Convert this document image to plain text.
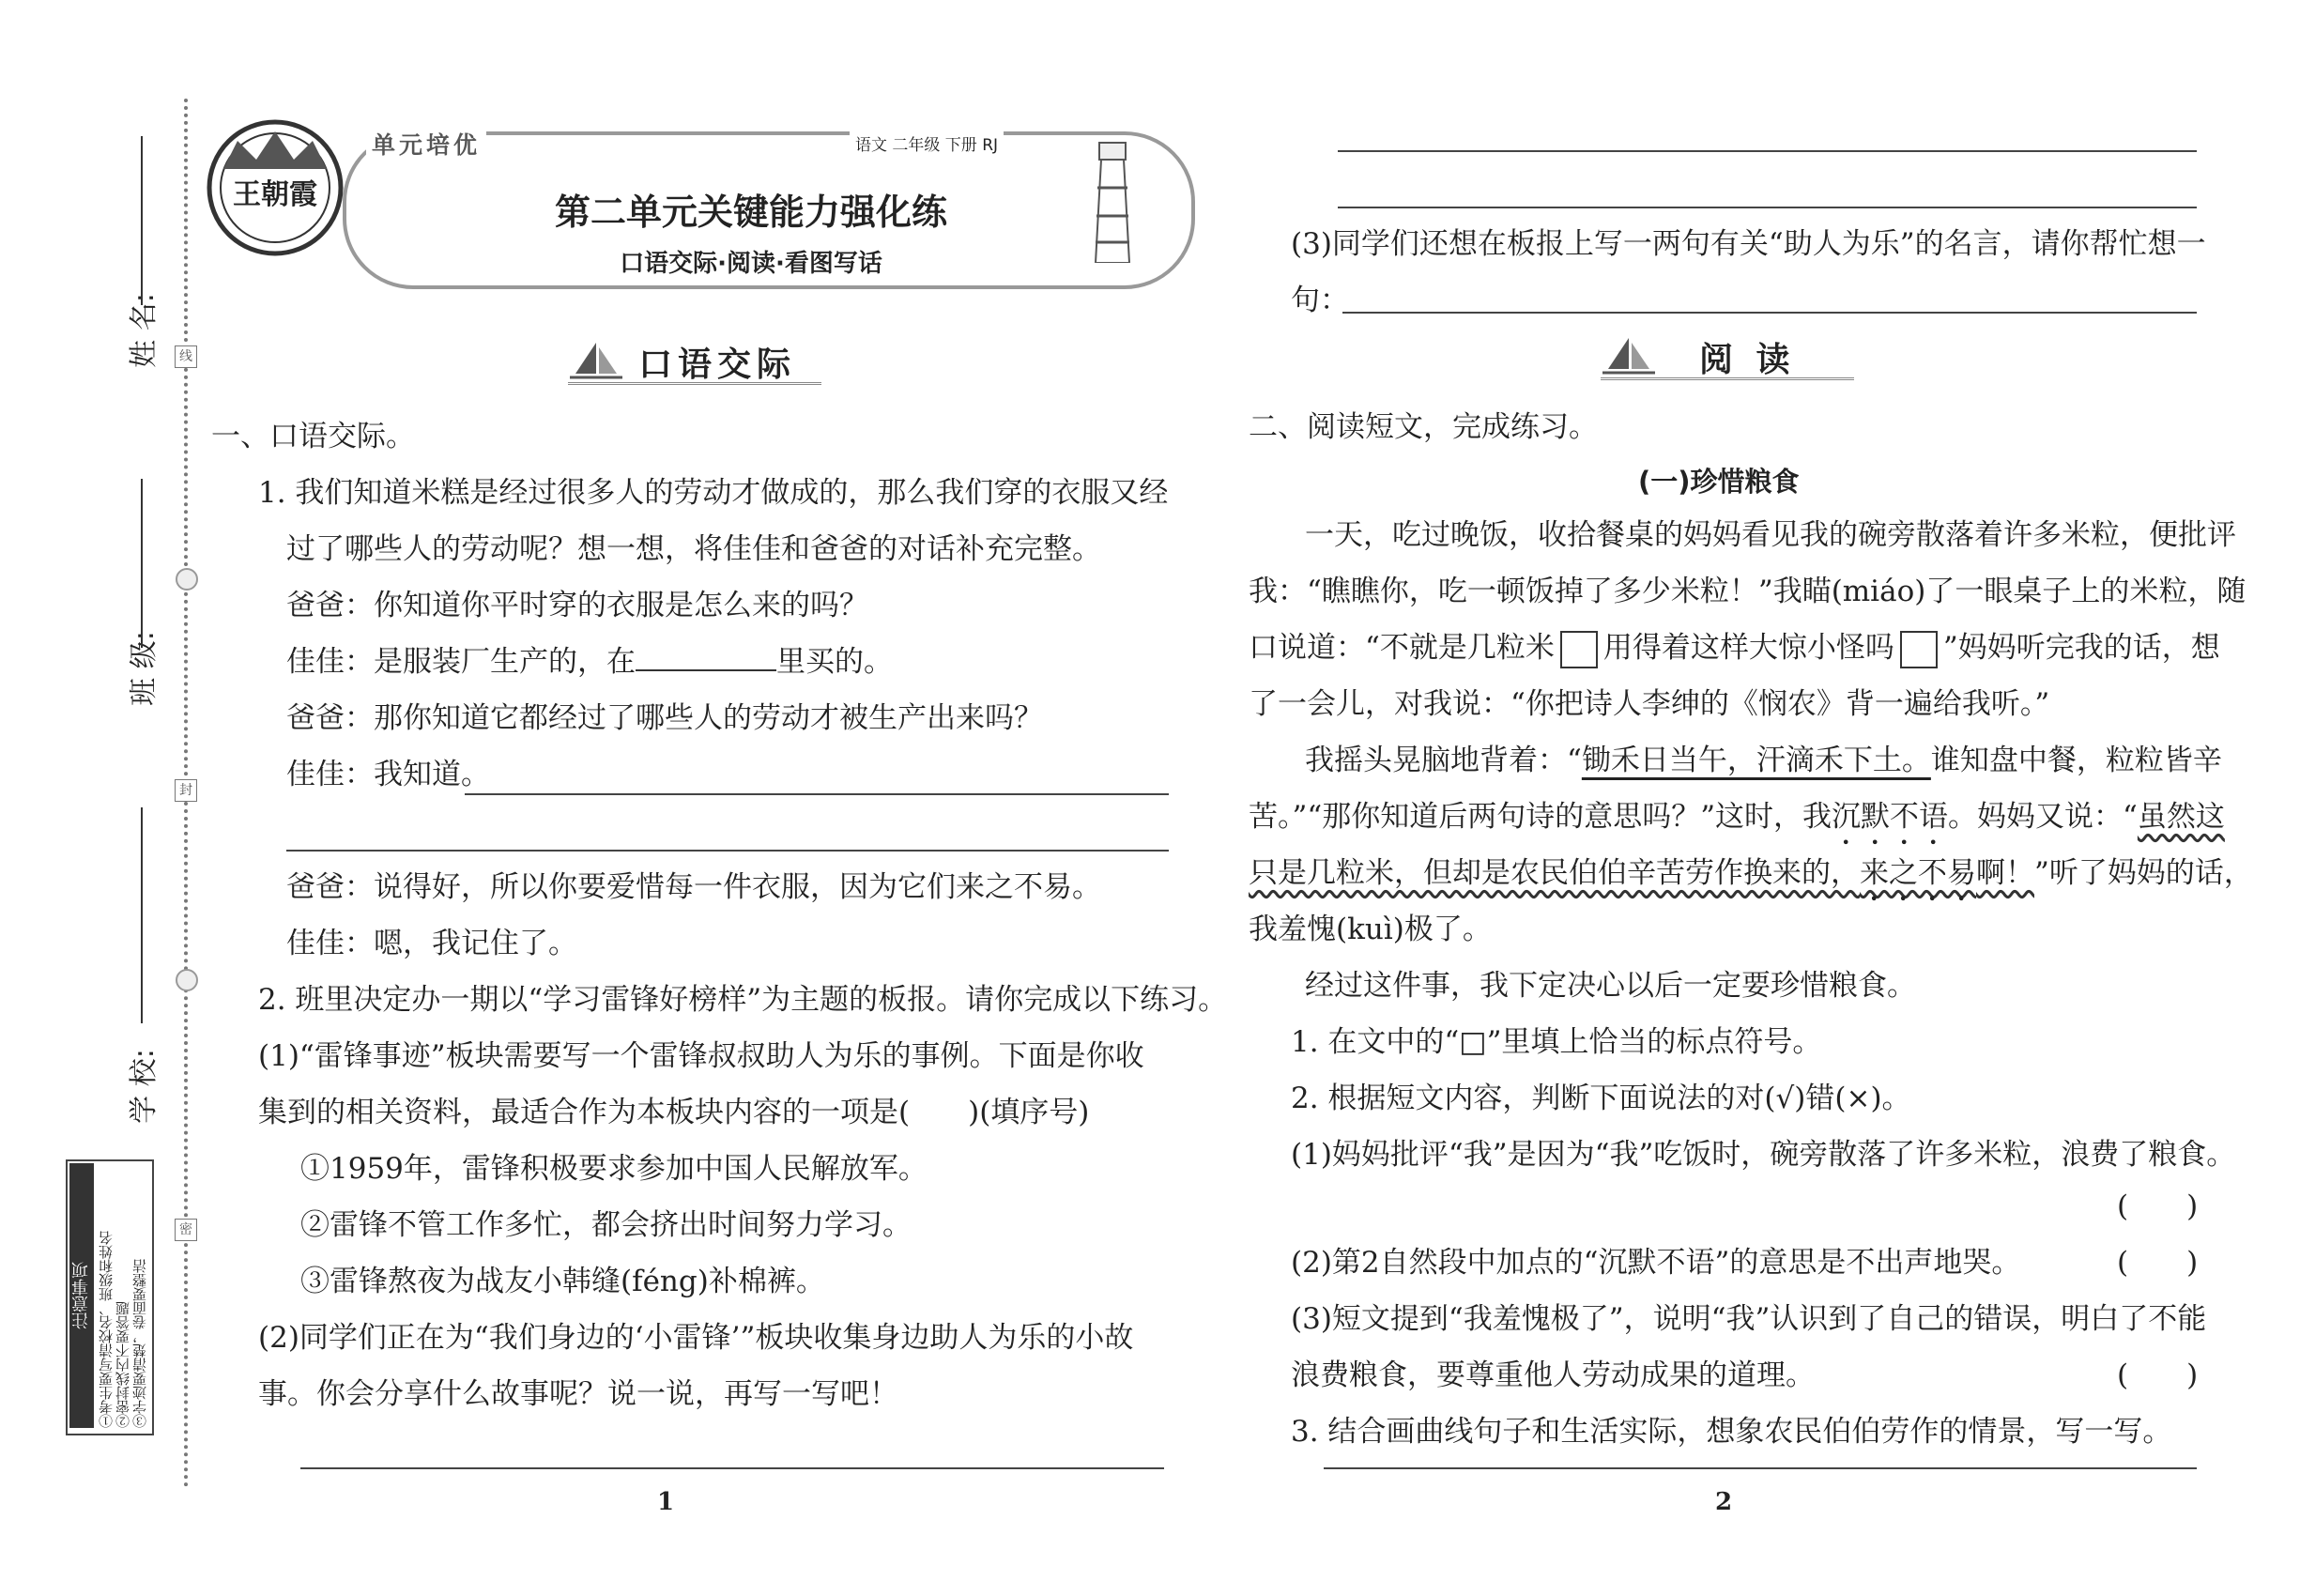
姓 名:
班 级:
学 校:
线
封
密
注意事项 ①考生要写清校名、班级和姓名 ②密封线内不要答题 ③字迹要清楚，卷面要整洁
王朝霞
单元培优	语文 二年级 下册 RJ
第二单元关键能力强化练
口语交际·阅读·看图写话
口语交际
一、口语交际。
1. 我们知道米糕是经过很多人的劳动才做成的，那么我们穿的衣服又经
过了哪些人的劳动呢？想一想，将佳佳和爸爸的对话补充完整。
爸爸：你知道你平时穿的衣服是怎么来的吗？
佳佳：是服装厂生产的，在	里买的。
爸爸：那你知道它都经过了哪些人的劳动才被生产出来吗？
佳佳：我知道。
爸爸：说得好，所以你要爱惜每一件衣服，因为它们来之不易。
佳佳：嗯，我记住了。
2. 班里决定办一期以“学习雷锋好榜样”为主题的板报。请你完成以下练习。
(1)“雷锋事迹”板块需要写一个雷锋叔叔助人为乐的事例。下面是你收
集到的相关资料，最适合作为本板块内容的一项是( )(填序号)
①1959年，雷锋积极要求参加中国人民解放军。
②雷锋不管工作多忙，都会挤出时间努力学习。
③雷锋熬夜为战友小韩缝(féng)补棉裤。
(2)同学们正在为“我们身边的‘小雷锋’”板块收集身边助人为乐的小故
事。你会分享什么故事呢？说一说，再写一写吧！
1
(3)同学们还想在板报上写一两句有关“助人为乐”的名言，请你帮忙想一
句：
阅 读
二、阅读短文，完成练习。
(一)珍惜粮食
一天，吃过晚饭，收拾餐桌的妈妈看见我的碗旁散落着许多米粒，便批评
我：“瞧瞧你，吃一顿饭掉了多少米粒！”我瞄(miáo)了一眼桌子上的米粒，随
口说道：“不就是几粒米 用得着这样大惊小怪吗 ”妈妈听完我的话，想
了一会儿，对我说：“你把诗人李绅的《悯农》背一遍给我听。”
我摇头晃脑地背着：“锄禾日当午，汗滴禾下土。谁知盘中餐，粒粒皆辛
苦。”“那你知道后两句诗的意思吗？”这时，我沉默不语。妈妈又说：“虽然这
只是几粒米，但却是农民伯伯辛苦劳作换来的，来之不易啊！”听了妈妈的话，
我羞愧(kuì)极了。
经过这件事，我下定决心以后一定要珍惜粮食。
1. 在文中的“□”里填上恰当的标点符号。
2. 根据短文内容，判断下面说法的对(√)错(×)。
(1)妈妈批评“我”是因为“我”吃饭时，碗旁散落了许多米粒，浪费了粮食。
( )
(2)第2自然段中加点的“沉默不语”的意思是不出声地哭。	( )
(3)短文提到“我羞愧极了”，说明“我”认识到了自己的错误，明白了不能
浪费粮食，要尊重他人劳动成果的道理。	( )
3. 结合画曲线句子和生活实际，想象农民伯伯劳作的情景，写一写。
2
